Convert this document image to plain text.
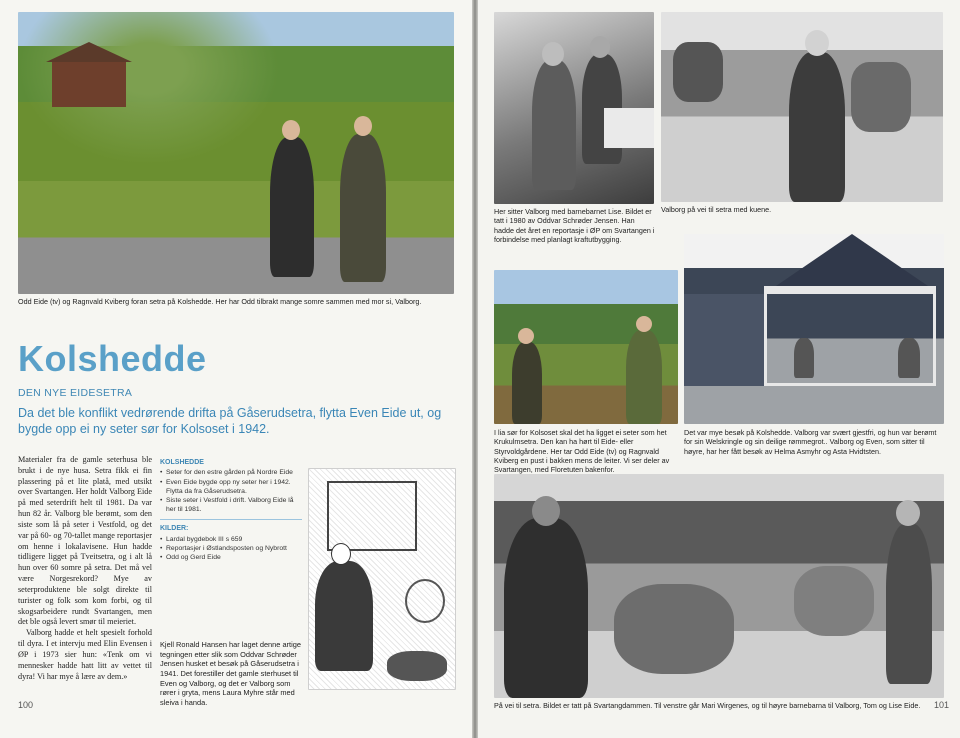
Odd Eide (tv) og Ragnvald Kviberg foran setra på Kolshedde. Her har Odd tilbrakt mange somre sammen med mor si, Valborg.
Kolshedde
DEN NYE EIDESETRA
Da det ble konflikt vedrørende drifta på Gåserudsetra, flytta Even Eide ut, og bygde opp ei ny seter sør for Kolsoset i 1942.

Materialer fra de gamle seterhusa ble brukt i de nye husa. Setra fikk ei fin plassering på et lite platå, med utsikt over Svartangen. Her holdt Valborg Eide på med seterdrift helt til 1981. Da var hun 82 år. Valborg ble berømt, som den siste som lå på seter i Vestfold, og det var på 60- og 70-tallet mange reportasjer om henne i lokalavisene. Hun hadde tidligere ligget på Tveitsetra, og i alt lå hun over 60 somre på setra. Det må vel være Norgesrekord? Mye av seterproduktene ble solgt direkte til turister og folk som kom forbi, og til skogsarbeidere rundt Svartangen, men det ble også levert smør til meieriet.

Valborg hadde et helt spesielt forhold til dyra. I et intervju med Elin Evensen i ØP i 1973 sier hun: «Tenk om vi mennesker hadde hatt litt av vettet til dyra! Vi har mye å lære av dem.»

KOLSHEDDE
• Seter for den estre gården på Nordre Eide
• Even Eide bygde opp ny seter her i 1942. Flytta da fra Gåserudsetra.
• Siste seter i Vestfold i drift. Valborg Eide lå her til 1981.
KILDER:
• Lardal bygdebok III s 659
• Reportasjer i Østlandsposten og Nybrott
• Odd og Gerd Eide
Kjell Ronald Hansen har laget denne artige tegningen etter slik som Oddvar Schrøder Jensen husket et besøk på Gåserudsetra i 1941. Det forestiller det gamle sterhuset til Even og Valborg, og det er Valborg som rører i gryta, mens Laura Myhre står med sleiva i handa.
100
Her sitter Valborg med barnebarnet Lise. Bildet er tatt i 1980 av Oddvar Schrøder Jensen. Han hadde det året en reportasje i ØP om Svartangen i forbindelse med planlagt kraftutbygging.
Valborg på vei til setra med kuene.
I lia sør for Kolsoset skal det ha ligget ei seter som het Krukulmsetra. Den kan ha hørt til Eide- eller Styrvoldgårdene. Her tar Odd Eide (tv) og Ragnvald Kviberg en pust i bakken mens de leiter. Vi ser deler av Svartangen, med Floretuten bakenfor.
Det var mye besøk på Kolshedde. Valborg var svært gjestfri, og hun var berømt for sin Welskringle og sin deilige rømmegrot.. Valborg og Even, som sitter til høyre, har her fått besøk av Helma Asmyhr og Asta Hvidtsten.
På vei til setra. Bildet er tatt på Svartangdammen. Til venstre går Mari Wirgenes, og til høyre barnebarna til Valborg, Tom og Lise Eide.	101
